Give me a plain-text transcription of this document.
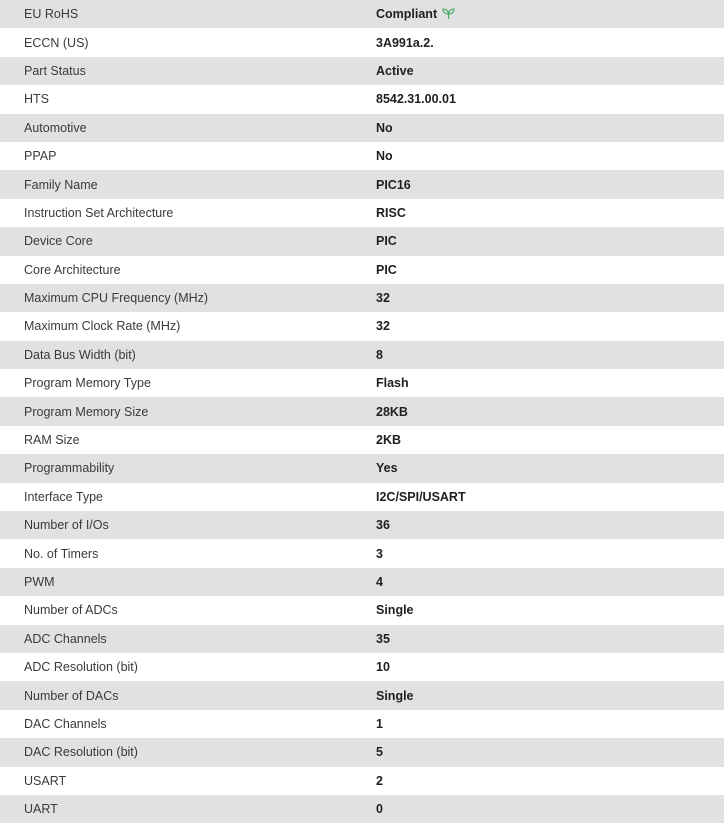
EU RoHS	Compliant
ECCN (US)	3A991a.2.
Part Status	Active
HTS	8542.31.00.01
Automotive	No
PPAP	No
Family Name	PIC16
Instruction Set Architecture	RISC
Device Core	PIC
Core Architecture	PIC
Maximum CPU Frequency (MHz)	32
Maximum Clock Rate (MHz)	32
Data Bus Width (bit)	8
Program Memory Type	Flash
Program Memory Size	28KB
RAM Size	2KB
Programmability	Yes
Interface Type	I2C/SPI/USART
Number of I/Os	36
No. of Timers	3
PWM	4
Number of ADCs	Single
ADC Channels	35
ADC Resolution (bit)	10
Number of DACs	Single
DAC Channels	1
DAC Resolution (bit)	5
USART	2
UART	0
